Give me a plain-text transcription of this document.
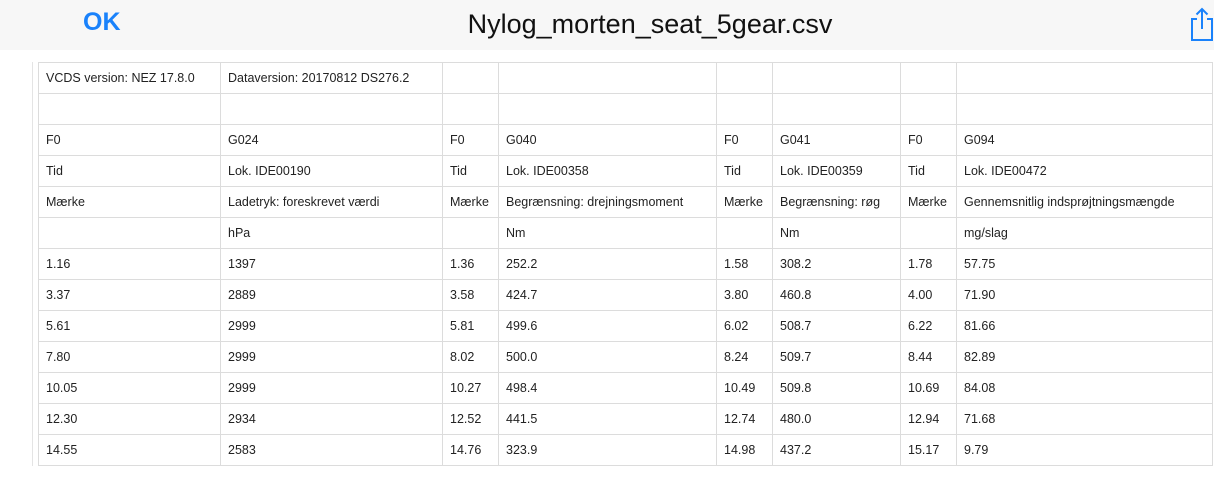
OK	Nylog_morten_seat_5gear.csv
VCDS version: NEZ 17.8.0	Dataversion: 20170812 DS276.2						

F0	G024	F0	G040	F0	G041	F0	G094
Tid	Lok. IDE00190	Tid	Lok. IDE00358	Tid	Lok. IDE00359	Tid	Lok. IDE00472
Mærke	Ladetryk: foreskrevet værdi	Mærke	Begrænsning: drejningsmoment	Mærke	Begrænsning: røg	Mærke	Gennemsnitlig indsprøjtningsmængde
	hPa		Nm		Nm		mg/slag
1.16	1397	1.36	252.2	1.58	308.2	1.78	57.75
3.37	2889	3.58	424.7	3.80	460.8	4.00	71.90
5.61	2999	5.81	499.6	6.02	508.7	6.22	81.66
7.80	2999	8.02	500.0	8.24	509.7	8.44	82.89
10.05	2999	10.27	498.4	10.49	509.8	10.69	84.08
12.30	2934	12.52	441.5	12.74	480.0	12.94	71.68
14.55	2583	14.76	323.9	14.98	437.2	15.17	9.79
